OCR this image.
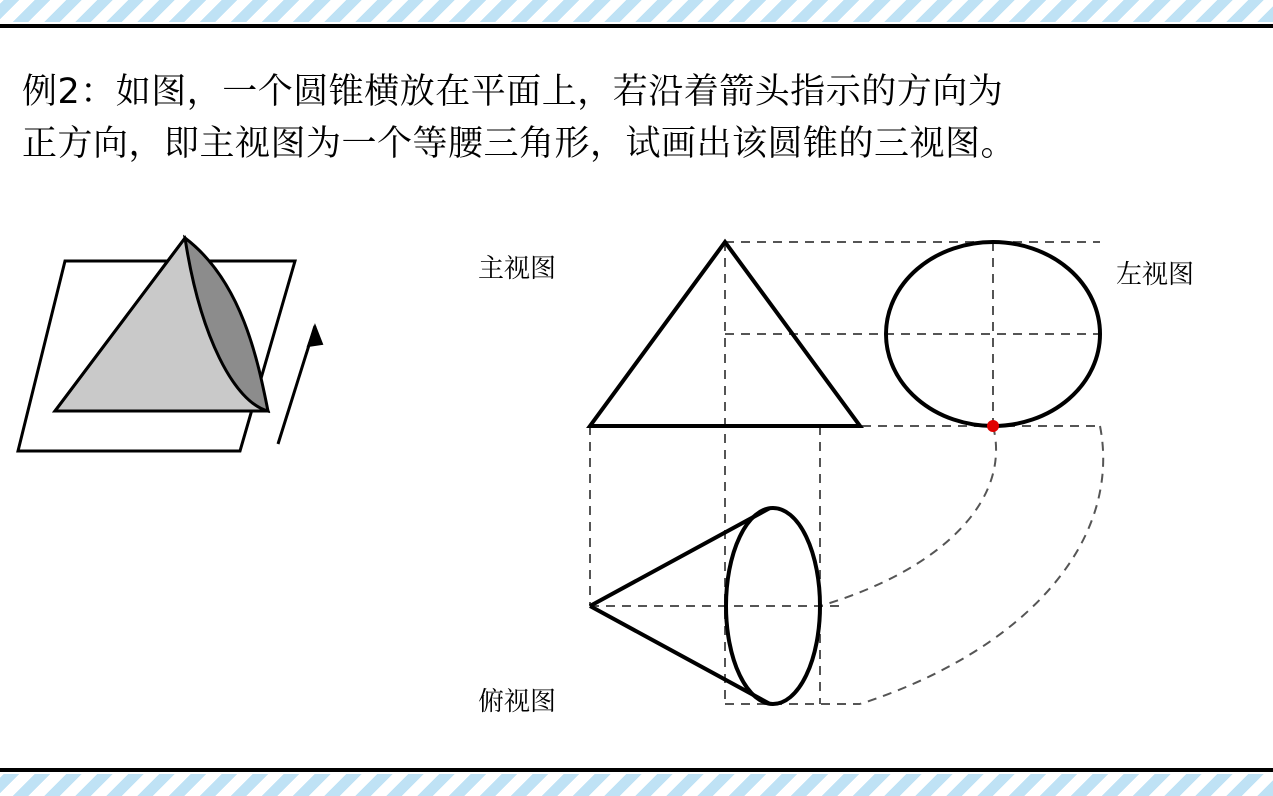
例2：如图，一个圆锥横放在平面上，若沿着箭头指示的方向为
正方向，即主视图为一个等腰三角形，试画出该圆锥的三视图。
主视图	左视图
俯视图
